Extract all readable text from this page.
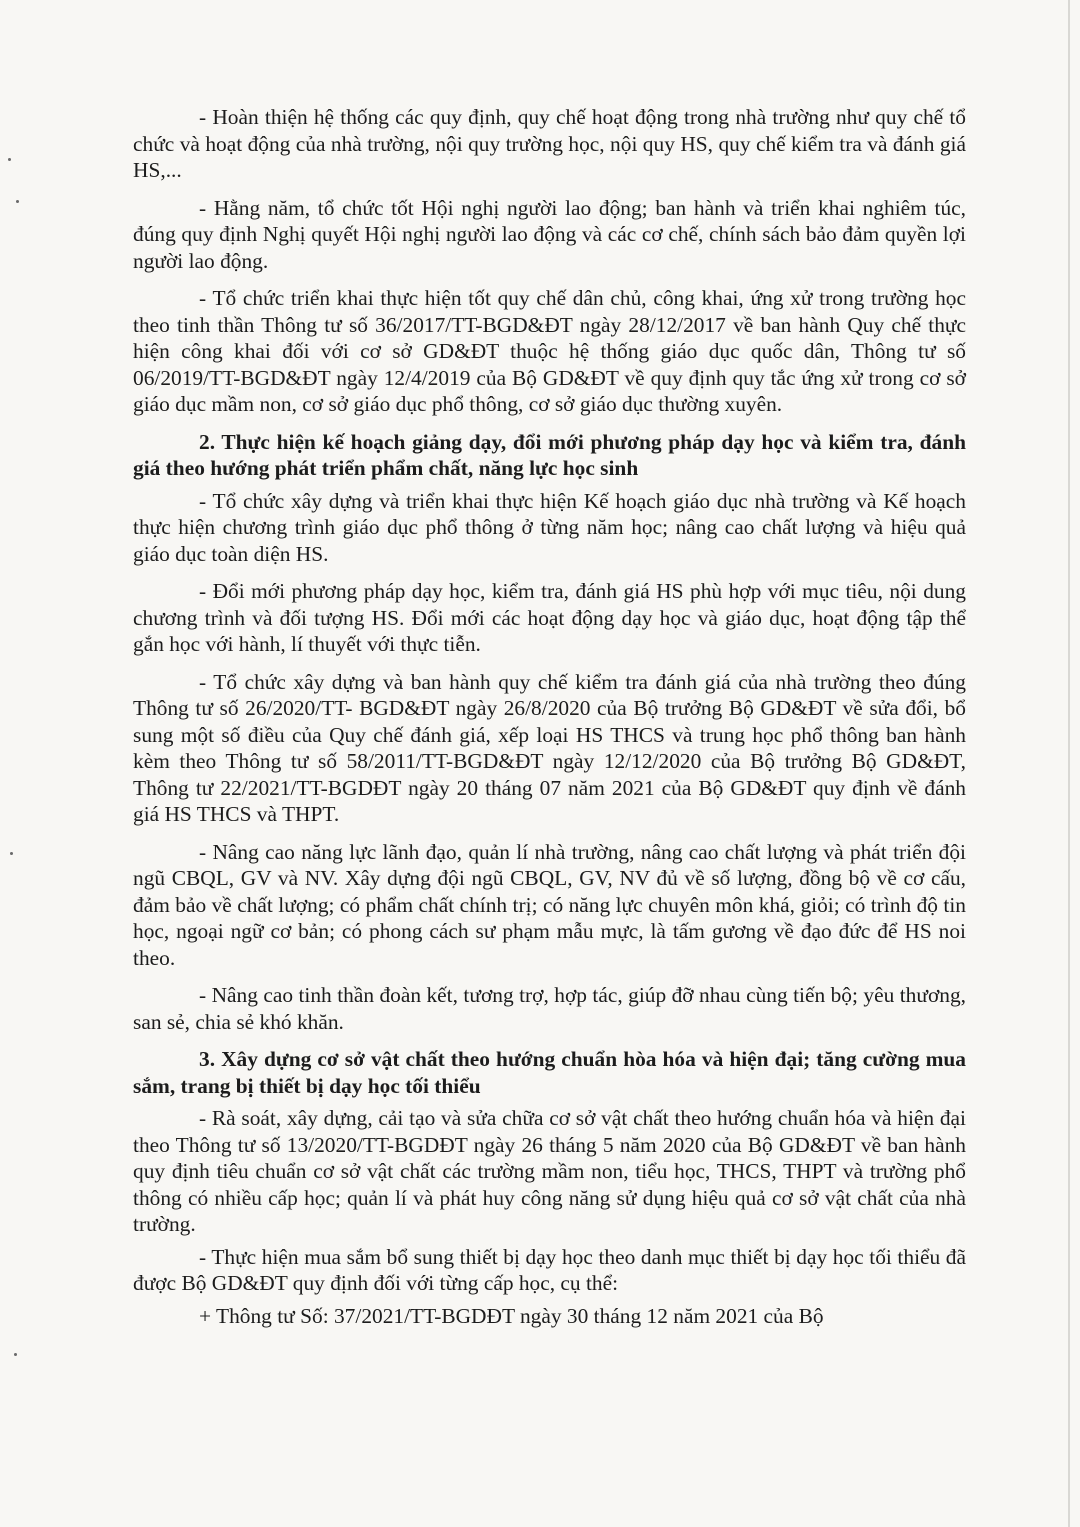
- Hoàn thiện hệ thống các quy định, quy chế hoạt động trong nhà trường như quy chế tổ chức và hoạt động của nhà trường, nội quy trường học, nội quy HS, quy chế kiểm tra và đánh giá HS,...

- Hằng năm, tổ chức tốt Hội nghị người lao động; ban hành và triển khai nghiêm túc, đúng quy định Nghị quyết Hội nghị người lao động và các cơ chế, chính sách bảo đảm quyền lợi người lao động.

- Tổ chức triển khai thực hiện tốt quy chế dân chủ, công khai, ứng xử trong trường học theo tinh thần Thông tư số 36/2017/TT-BGD&ĐT ngày 28/12/2017 về ban hành Quy chế thực hiện công khai đối với cơ sở GD&ĐT thuộc hệ thống giáo dục quốc dân, Thông tư số 06/2019/TT-BGD&ĐT ngày 12/4/2019 của Bộ GD&ĐT về quy định quy tắc ứng xử trong cơ sở giáo dục mầm non, cơ sở giáo dục phổ thông, cơ sở giáo dục thường xuyên.

2. Thực hiện kế hoạch giảng dạy, đổi mới phương pháp dạy học và kiểm tra, đánh giá theo hướng phát triển phẩm chất, năng lực học sinh

- Tổ chức xây dựng và triển khai thực hiện Kế hoạch giáo dục nhà trường và Kế hoạch thực hiện chương trình giáo dục phổ thông ở từng năm học; nâng cao chất lượng và hiệu quả giáo dục toàn diện HS.

- Đổi mới phương pháp dạy học, kiểm tra, đánh giá HS phù hợp với mục tiêu, nội dung chương trình và đối tượng HS. Đổi mới các hoạt động dạy học và giáo dục, hoạt động tập thể gắn học với hành, lí thuyết với thực tiễn.

- Tổ chức xây dựng và ban hành quy chế kiểm tra đánh giá của nhà trường theo đúng Thông tư số 26/2020/TT- BGD&ĐT ngày 26/8/2020 của Bộ trưởng Bộ GD&ĐT về sửa đổi, bổ sung một số điều của Quy chế đánh giá, xếp loại HS THCS và trung học phổ thông ban hành kèm theo Thông tư số 58/2011/TT-BGD&ĐT ngày 12/12/2020 của Bộ trưởng Bộ GD&ĐT, Thông tư 22/2021/TT-BGDĐT ngày 20 tháng 07 năm 2021 của Bộ GD&ĐT quy định về đánh giá HS THCS và THPT.

- Nâng cao năng lực lãnh đạo, quản lí nhà trường, nâng cao chất lượng và phát triển đội ngũ CBQL, GV và NV. Xây dựng đội ngũ CBQL, GV, NV đủ về số lượng, đồng bộ về cơ cấu, đảm bảo về chất lượng; có phẩm chất chính trị; có năng lực chuyên môn khá, giỏi; có trình độ tin học, ngoại ngữ cơ bản; có phong cách sư phạm mẫu mực, là tấm gương về đạo đức để HS noi theo.

- Nâng cao tinh thần đoàn kết, tương trợ, hợp tác, giúp đỡ nhau cùng tiến bộ; yêu thương, san sẻ, chia sẻ khó khăn.

3. Xây dựng cơ sở vật chất theo hướng chuẩn hòa hóa và hiện đại; tăng cường mua sắm, trang bị thiết bị dạy học tối thiểu

- Rà soát, xây dựng, cải tạo và sửa chữa cơ sở vật chất theo hướng chuẩn hóa và hiện đại theo Thông tư số 13/2020/TT-BGDĐT ngày 26 tháng 5 năm 2020 của Bộ GD&ĐT về ban hành quy định tiêu chuẩn cơ sở vật chất các trường mầm non, tiểu học, THCS, THPT và trường phổ thông có nhiều cấp học; quản lí và phát huy công năng sử dụng hiệu quả cơ sở vật chất của nhà trường.

- Thực hiện mua sắm bổ sung thiết bị dạy học theo danh mục thiết bị dạy học tối thiểu đã được Bộ GD&ĐT quy định đối với từng cấp học, cụ thể:

+ Thông tư Số: 37/2021/TT-BGDĐT ngày 30 tháng 12 năm 2021 của Bộ
